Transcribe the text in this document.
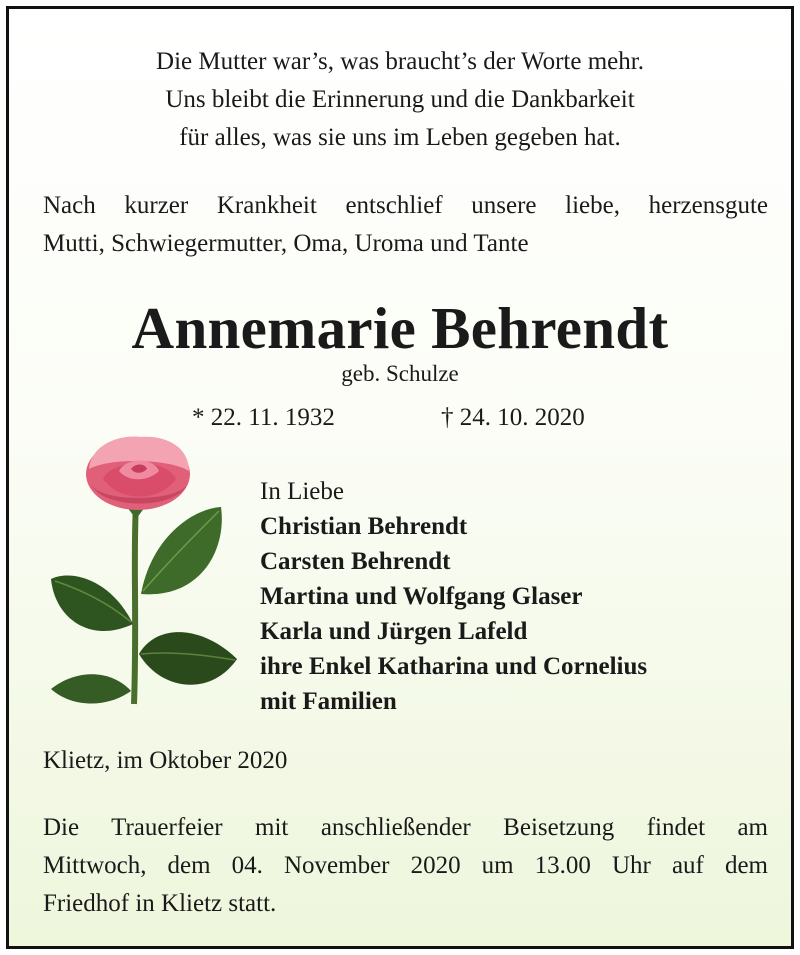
Die Mutter war’s, was braucht’s der Worte mehr.
Uns bleibt die Erinnerung und die Dankbarkeit
für alles, was sie uns im Leben gegeben hat.
Nach kurzer Krankheit entschlief unsere liebe, herzensgute
Mutti, Schwiegermutter, Oma, Uroma und Tante
Annemarie Behrendt
geb. Schulze
* 22. 11. 1932	† 24. 10. 2020
In Liebe
Christian Behrendt
Carsten Behrendt
Martina und Wolfgang Glaser
Karla und Jürgen Lafeld
ihre Enkel Katharina und Cornelius
mit Familien
Klietz, im Oktober 2020
Die Trauerfeier mit anschließender Beisetzung findet am
Mittwoch, dem 04. November 2020 um 13.00 Uhr auf dem
Friedhof in Klietz statt.
